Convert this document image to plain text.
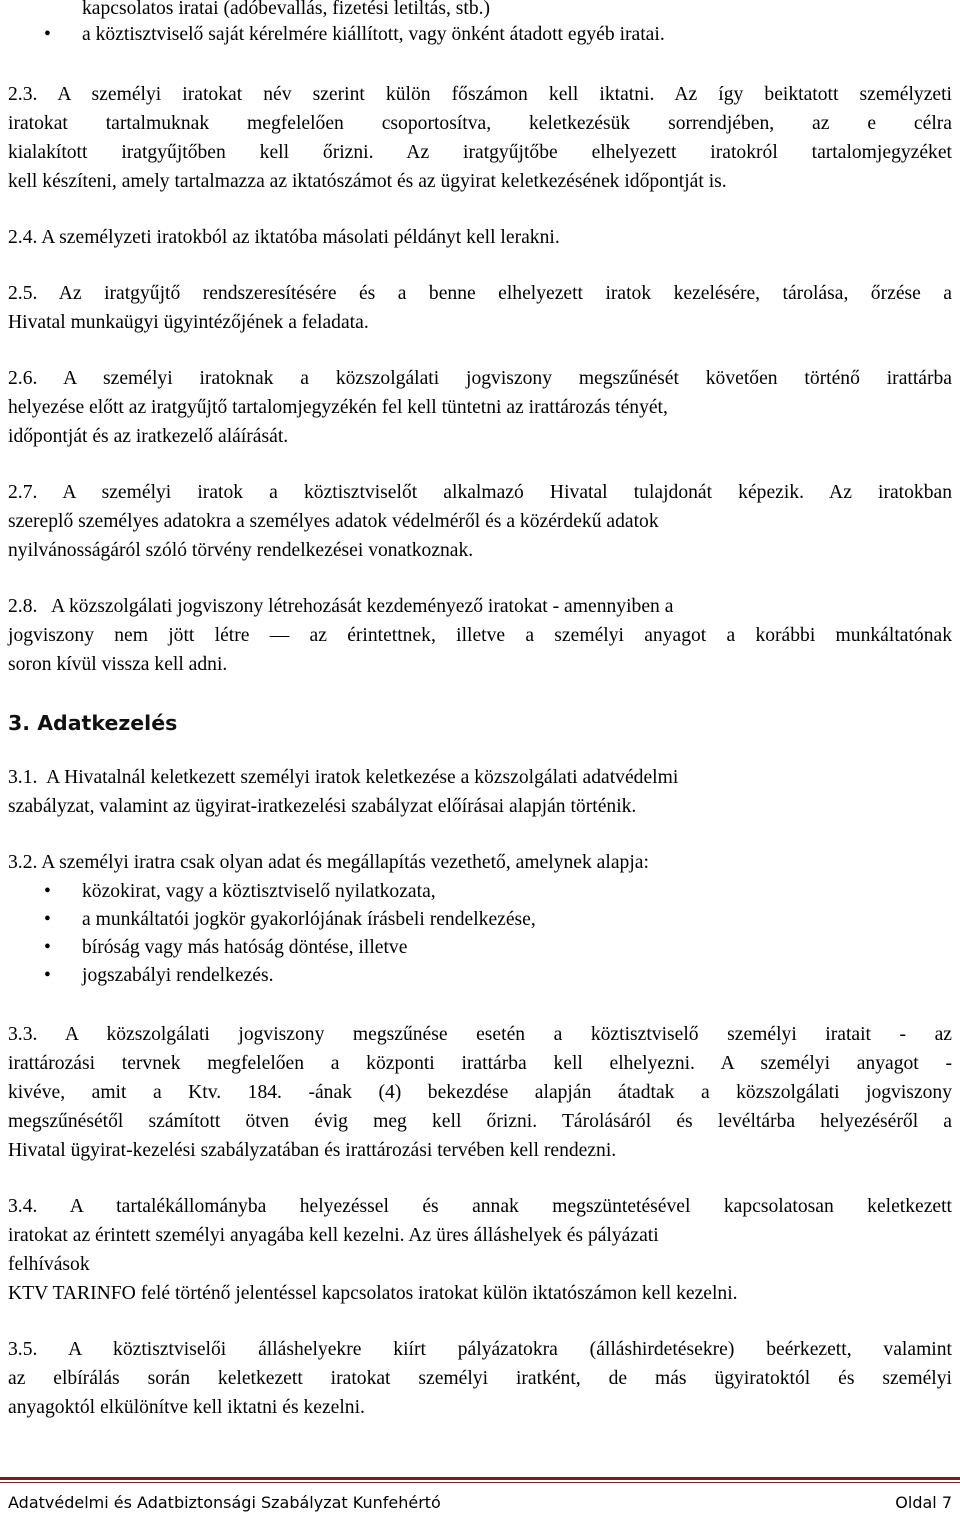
kapcsolatos iratai (adóbevallás, fizetési letiltás, stb.)
• a köztisztviselő saját kérelmére kiállított, vagy önként átadott egyéb iratai.
2.3. A személyi iratokat név szerint külön főszámon kell iktatni. Az így beiktatott személyzeti
iratokat tartalmuknak megfelelően csoportosítva, keletkezésük sorrendjében, az e célra
kialakított iratgyűjtőben kell őrizni. Az iratgyűjtőbe elhelyezett iratokról tartalomjegyzéket
kell készíteni, amely tartalmazza az iktatószámot és az ügyirat keletkezésének időpontját is.
2.4. A személyzeti iratokból az iktatóba másolati példányt kell lerakni.
2.5. Az iratgyűjtő rendszeresítésére és a benne elhelyezett iratok kezelésére, tárolása, őrzése a
Hivatal munkaügyi ügyintézőjének a feladata.
2.6. A személyi iratoknak a közszolgálati jogviszony megszűnését követően történő irattárba
helyezése előtt az iratgyűjtő tartalomjegyzékén fel kell tüntetni az irattározás tényét,
időpontját és az iratkezelő aláírását.
2.7. A személyi iratok a köztisztviselőt alkalmazó Hivatal tulajdonát képezik. Az iratokban
szereplő személyes adatokra a személyes adatok védelméről és a közérdekű adatok
nyilvánosságáról szóló törvény rendelkezései vonatkoznak.
2.8.   A közszolgálati jogviszony létrehozását kezdeményező iratokat - amennyiben a
jogviszony nem jött létre — az érintettnek, illetve a személyi anyagot a korábbi munkáltatónak
soron kívül vissza kell adni.
3. Adatkezelés
3.1.  A Hivatalnál keletkezett személyi iratok keletkezése a közszolgálati adatvédelmi
szabályzat, valamint az ügyirat-iratkezelési szabályzat előírásai alapján történik.
3.2. A személyi iratra csak olyan adat és megállapítás vezethető, amelynek alapja:
• közokirat, vagy a köztisztviselő nyilatkozata,
• a munkáltatói jogkör gyakorlójának írásbeli rendelkezése,
• bíróság vagy más hatóság döntése, illetve
• jogszabályi rendelkezés.
3.3. A közszolgálati jogviszony megszűnése esetén a köztisztviselő személyi iratait - az
irattározási tervnek megfelelően a központi irattárba kell elhelyezni. A személyi anyagot -
kivéve, amit a Ktv. 184. -ának (4) bekezdése alapján átadtak a közszolgálati jogviszony
megszűnésétől számított ötven évig meg kell őrizni. Tárolásáról és levéltárba helyezéséről a
Hivatal ügyirat-kezelési szabályzatában és irattározási tervében kell rendezni.
3.4. A tartalékállományba helyezéssel és annak megszüntetésével kapcsolatosan keletkezett
iratokat az érintett személyi anyagába kell kezelni. Az üres álláshelyek és pályázati
felhívások
KTV TARINFO felé történő jelentéssel kapcsolatos iratokat külön iktatószámon kell kezelni.
3.5. A köztisztviselői álláshelyekre kiírt pályázatokra (álláshirdetésekre) beérkezett, valamint
az elbírálás során keletkezett iratokat személyi iratként, de más ügyiratoktól és személyi
anyagoktól elkülönítve kell iktatni és kezelni.
Adatvédelmi és Adatbiztonsági Szabályzat Kunfehértó	Oldal 7
